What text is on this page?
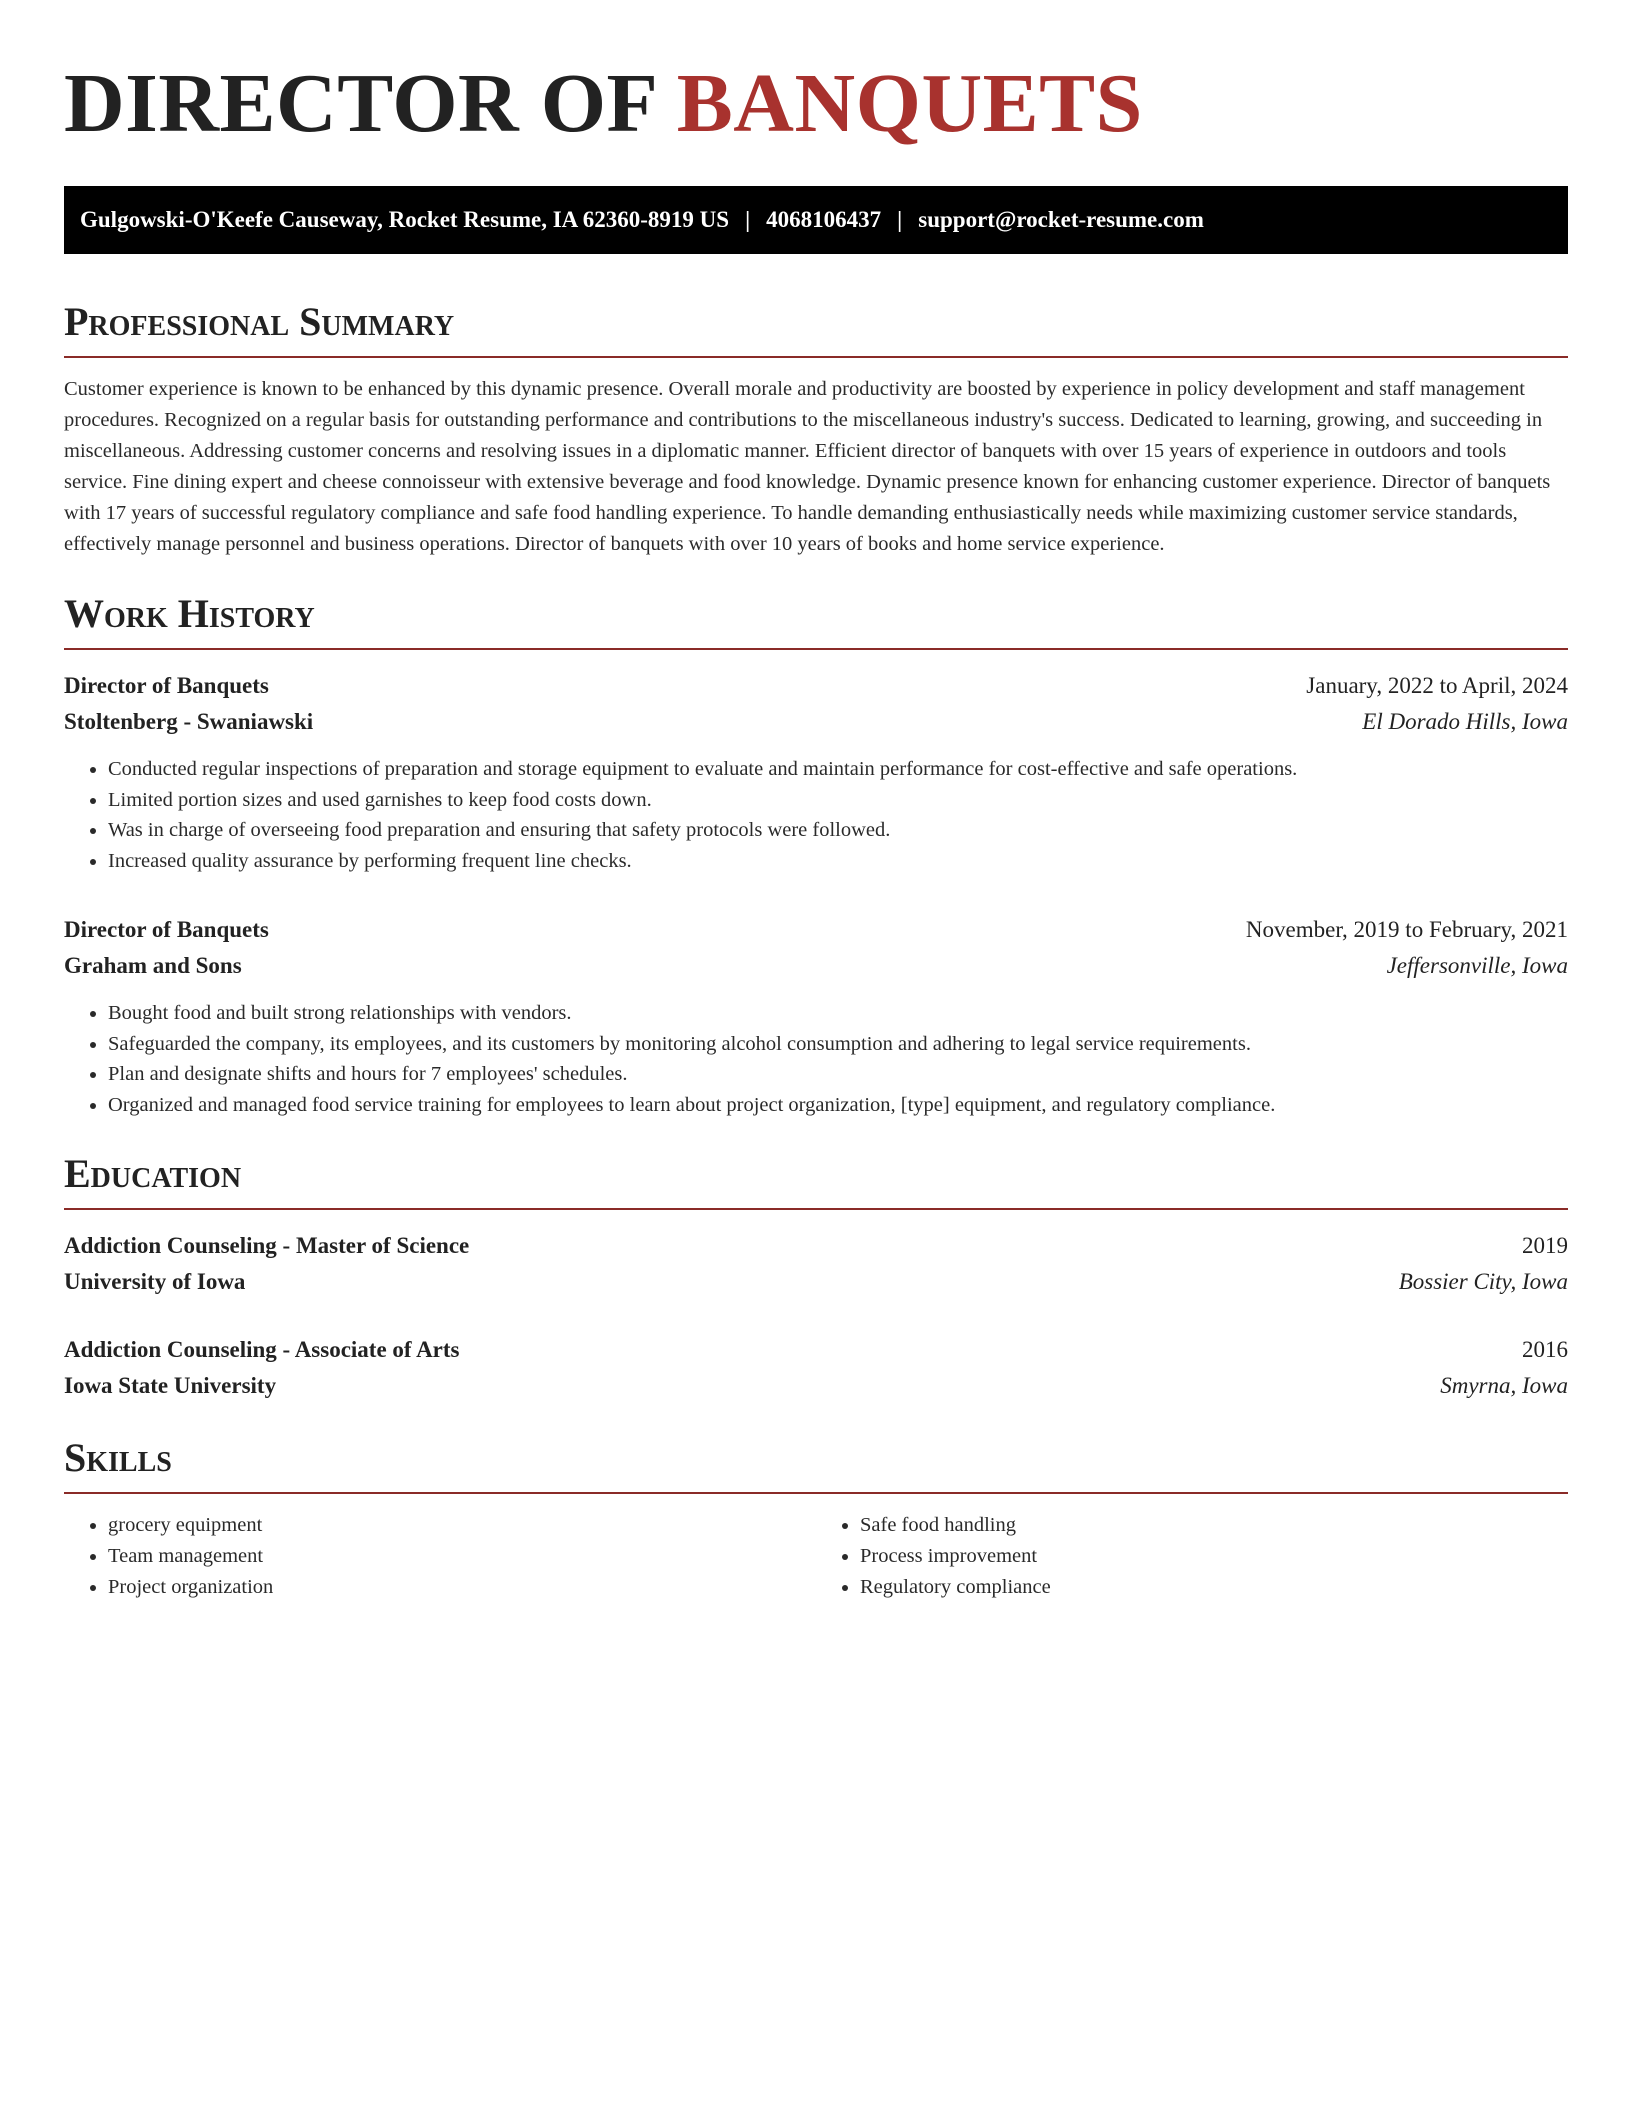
DIRECTOR OF BANQUETS
Gulgowski-O'Keefe Causeway, Rocket Resume, IA 62360-8919 US | 4068106437 | support@rocket-resume.com
Professional Summary

Customer experience is known to be enhanced by this dynamic presence. Overall morale and productivity are boosted by experience in policy development and staff management procedures. Recognized on a regular basis for outstanding performance and contributions to the miscellaneous industry's success. Dedicated to learning, growing, and succeeding in miscellaneous. Addressing customer concerns and resolving issues in a diplomatic manner. Efficient director of banquets with over 15 years of experience in outdoors and tools service. Fine dining expert and cheese connoisseur with extensive beverage and food knowledge. Dynamic presence known for enhancing customer experience. Director of banquets with 17 years of successful regulatory compliance and safe food handling experience. To handle demanding enthusiastically needs while maximizing customer service standards, effectively manage personnel and business operations. Director of banquets with over 10 years of books and home service experience.

Work History
Director of Banquets	January, 2022 to April, 2024
Stoltenberg - Swaniawski	El Dorado Hills, Iowa
• Conducted regular inspections of preparation and storage equipment to evaluate and maintain performance for cost-effective and safe operations.
• Limited portion sizes and used garnishes to keep food costs down.
• Was in charge of overseeing food preparation and ensuring that safety protocols were followed.
• Increased quality assurance by performing frequent line checks.
Director of Banquets	November, 2019 to February, 2021
Graham and Sons	Jeffersonville, Iowa
• Bought food and built strong relationships with vendors.
• Safeguarded the company, its employees, and its customers by monitoring alcohol consumption and adhering to legal service requirements.
• Plan and designate shifts and hours for 7 employees' schedules.
• Organized and managed food service training for employees to learn about project organization, [type] equipment, and regulatory compliance.
Education
Addiction Counseling - Master of Science	2019
University of Iowa	Bossier City, Iowa
Addiction Counseling - Associate of Arts	2016
Iowa State University	Smyrna, Iowa
Skills
• grocery equipment
• Team management
• Project organization
• Safe food handling
• Process improvement
• Regulatory compliance
